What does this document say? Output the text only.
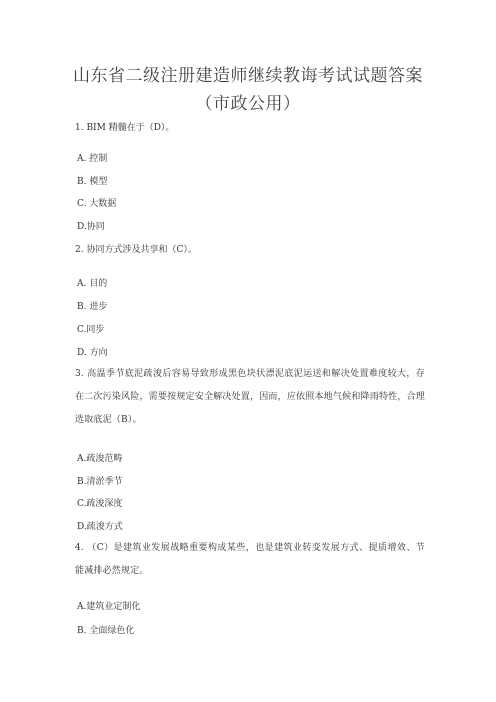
山东省二级注册建造师继续教诲考试试题答案（市政公用）
1. BIM 精髓在于（D）。
A. 控制
B. 模型
C. 大数据
D.协同
2. 协同方式涉及共享和（C）。
A. 目的
B. 进步
C.同步
D. 方向
3. 高温季节底泥疏浚后容易导致形成黑色块状漂泥底泥运送和解决处置难度较大，存在二次污染风险，需要按规定安全解决处置，因而，应依照本地气候和降雨特性，合理选取底泥（B）。
A.疏浚范畴
B.清淤季节
C.疏浚深度
D.疏浚方式
4. （C）是建筑业发展战略重要构成某些，也是建筑业转变发展方式、提质增效、节能减排必然规定。
A.建筑业定制化
B. 全面绿色化
